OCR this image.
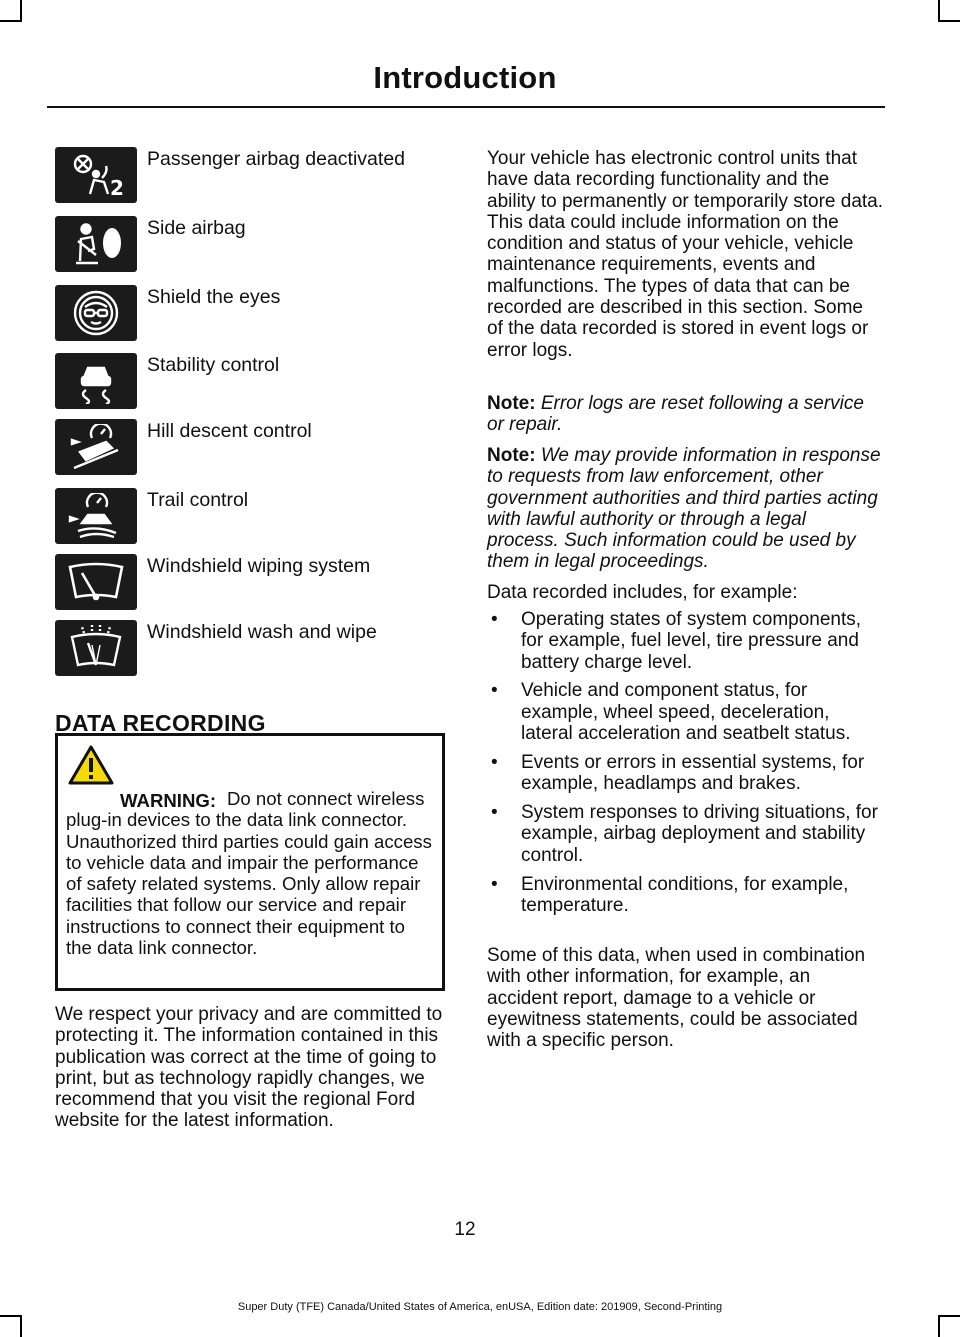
Introduction
2
Passenger airbag deactivated
Side airbag
Shield the eyes
Stability control
Hill descent control
Trail control
Windshield wiping system
Windshield wash and wipe
DATA RECORDING
WARNING: Do not connect wireless plug-in devices to the data link connector. Unauthorized third parties could gain access to vehicle data and impair the performance of safety related systems. Only allow repair facilities that follow our service and repair instructions to connect their equipment to the data link connector.
We respect your privacy and are committed to protecting it. The information contained in this publication was correct at the time of going to print, but as technology rapidly changes, we recommend that you visit the regional Ford website for the latest information.
Your vehicle has electronic control units that have data recording functionality and the ability to permanently or temporarily store data. This data could include information on the condition and status of your vehicle, vehicle maintenance requirements, events and malfunctions. The types of data that can be recorded are described in this section. Some of the data recorded is stored in event logs or error logs.
Note: Error logs are reset following a service or repair.
Note: We may provide information in response to requests from law enforcement, other government authorities and third parties acting with lawful authority or through a legal process. Such information could be used by them in legal proceedings.
Data recorded includes, for example:
• Operating states of system components, for example, fuel level, tire pressure and battery charge level.
• Vehicle and component status, for example, wheel speed, deceleration, lateral acceleration and seatbelt status.
• Events or errors in essential systems, for example, headlamps and brakes.
• System responses to driving situations, for example, airbag deployment and stability control.
• Environmental conditions, for example, temperature.
Some of this data, when used in combination with other information, for example, an accident report, damage to a vehicle or eyewitness statements, could be associated with a specific person.
12
Super Duty (TFE) Canada/United States of America, enUSA, Edition date: 201909, Second-Printing
